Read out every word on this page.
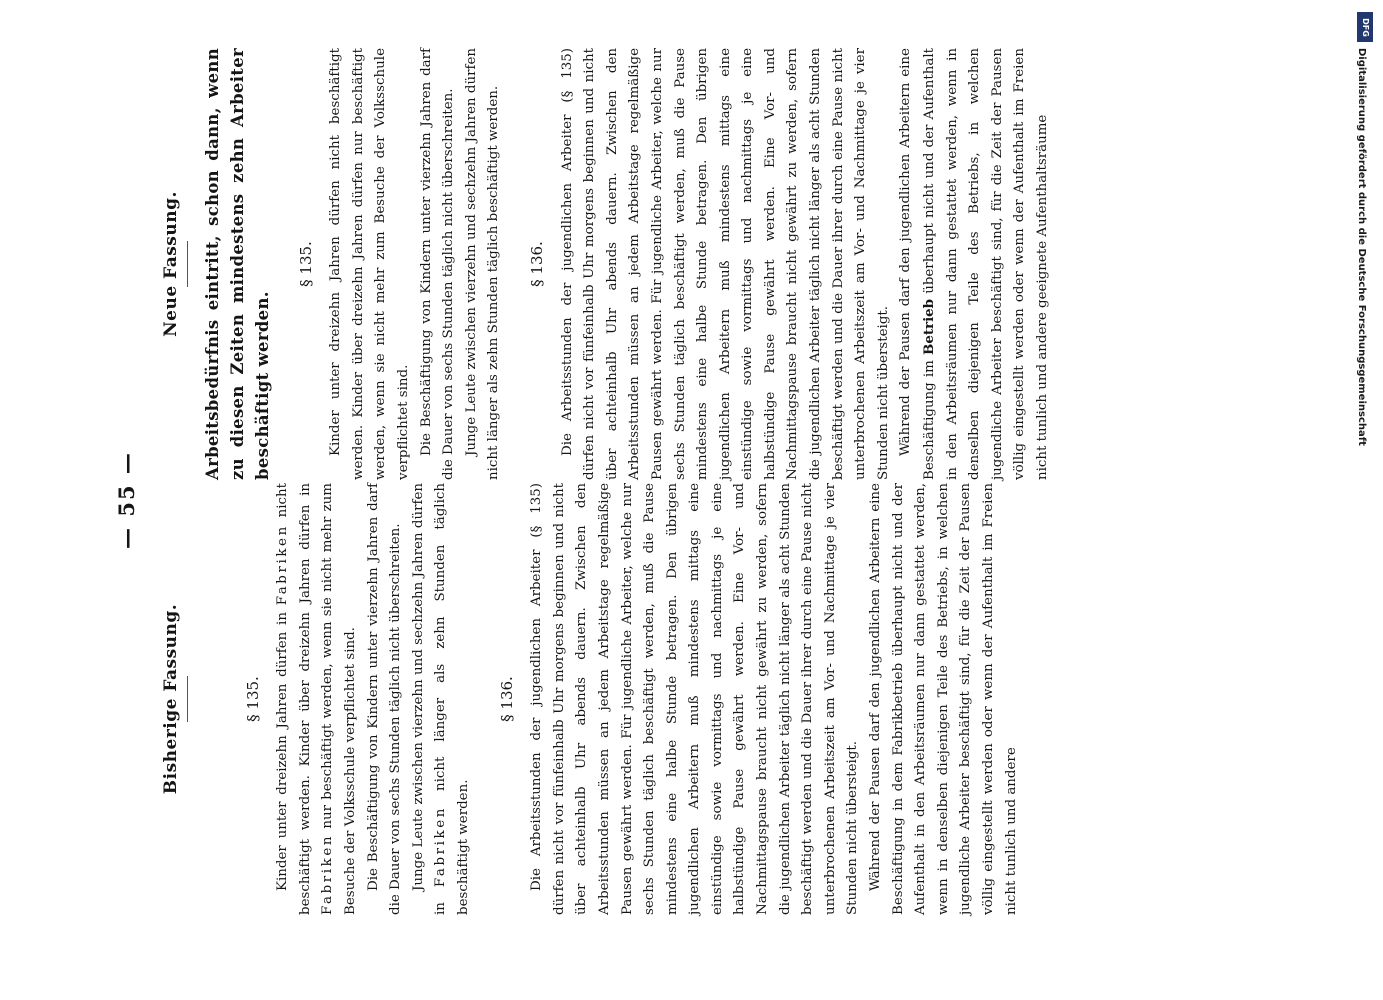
— 55 —
Bisherige Fassung.	§ 135. Kinder unter dreizehn Jahren dürfen in Fabriken nicht beschäftigt werden. Kinder über dreizehn Jahren dürfen in Fabriken nur beschäftigt werden, wenn sie nicht mehr zum Besuche der Volksschule verpflichtet sind. Die Beschäftigung von Kindern unter vierzehn Jahren darf die Dauer von sechs Stunden täglich nicht überschreiten. Junge Leute zwischen vierzehn und sechzehn Jahren dürfen in Fabriken nicht länger als zehn Stunden täglich beschäftigt werden.

§ 136. Die Arbeitsstunden der jugendlichen Arbeiter (§ 135) dürfen nicht vor fünfeinhalb Uhr morgens beginnen und nicht über achteinhalb Uhr abends dauern. Zwischen den Arbeitsstunden müssen an jedem Arbeitstage regelmäßige Pausen gewährt werden. Für jugendliche Arbeiter, welche nur sechs Stunden täglich beschäftigt werden, muß die Pause mindestens eine halbe Stunde betragen. Den übrigen jugendlichen Arbeitern muß mindestens mittags eine einstündige sowie vormittags und nachmittags je eine halbstündige Pause gewährt werden. Eine Vor- und Nachmittagspause braucht nicht gewährt zu werden, sofern die jugendlichen Arbeiter täglich nicht länger als acht Stunden beschäftigt werden und die Dauer ihrer durch eine Pause nicht unterbrochenen Arbeitszeit am Vor- und Nachmittage je vier Stunden nicht übersteigt. Während der Pausen darf den jugendlichen Arbeitern eine Beschäftigung in dem Fabrikbetrieb überhaupt nicht und der Aufenthalt in den Arbeitsräumen nur dann gestattet werden, wenn in denselben diejenigen Teile des Betriebs, in welchen jugendliche Arbeiter beschäftigt sind, für die Zeit der Pausen völlig eingestellt werden oder wenn der Aufenthalt im Freien nicht tunlich und andere

Neue Fassung. Arbeitsbedürfnis eintritt, schon dann, wenn zu diesen Zeiten mindestens zehn Arbeiter beschäftigt werden.

§ 135. Kinder unter dreizehn Jahren dürfen nicht beschäftigt werden. Kinder über dreizehn Jahren dürfen nur beschäftigt werden, wenn sie nicht mehr zum Besuche der Volksschule verpflichtet sind. Die Beschäftigung von Kindern unter vierzehn Jahren darf die Dauer von sechs Stunden täglich nicht überschreiten. Junge Leute zwischen vierzehn und sechzehn Jahren dürfen nicht länger als zehn Stunden täglich beschäftigt werden.	§ 136. Die Arbeitsstunden der jugendlichen Arbeiter (§ 135) dürfen nicht vor fünfeinhalb Uhr morgens beginnen und nicht über achteinhalb Uhr abends dauern. Zwischen den Arbeitsstunden müssen an jedem Arbeitstage regelmäßige Pausen gewährt werden. Für jugendliche Arbeiter, welche nur sechs Stunden täglich beschäftigt werden, muß die Pause mindestens eine halbe Stunde betragen. Den übrigen jugendlichen Arbeitern muß mindestens mittags eine einstündige sowie vormittags und nachmittags je eine halbstündige Pause gewährt werden. Eine Vor- und Nachmittagspause braucht nicht gewährt zu werden, sofern die jugendlichen Arbeiter täglich nicht länger als acht Stunden beschäftigt werden und die Dauer ihrer durch eine Pause nicht unterbrochenen Arbeitszeit am Vor- und Nachmittage je vier Stunden nicht übersteigt. Während der Pausen darf den jugendlichen Arbeitern eine Beschäftigung im Betrieb überhaupt nicht und der Aufenthalt in den Arbeitsräumen nur dann gestattet werden, wenn in denselben diejenigen Teile des Betriebs, in welchen jugendliche Arbeiter beschäftigt sind, für die Zeit der Pausen völlig eingestellt werden oder wenn der Aufenthalt im Freien nicht tunlich und andere geeignete Aufenthaltsräume

DFG
Digitalisierung gefördert durch die Deutsche Forschungsgemeinschaft
